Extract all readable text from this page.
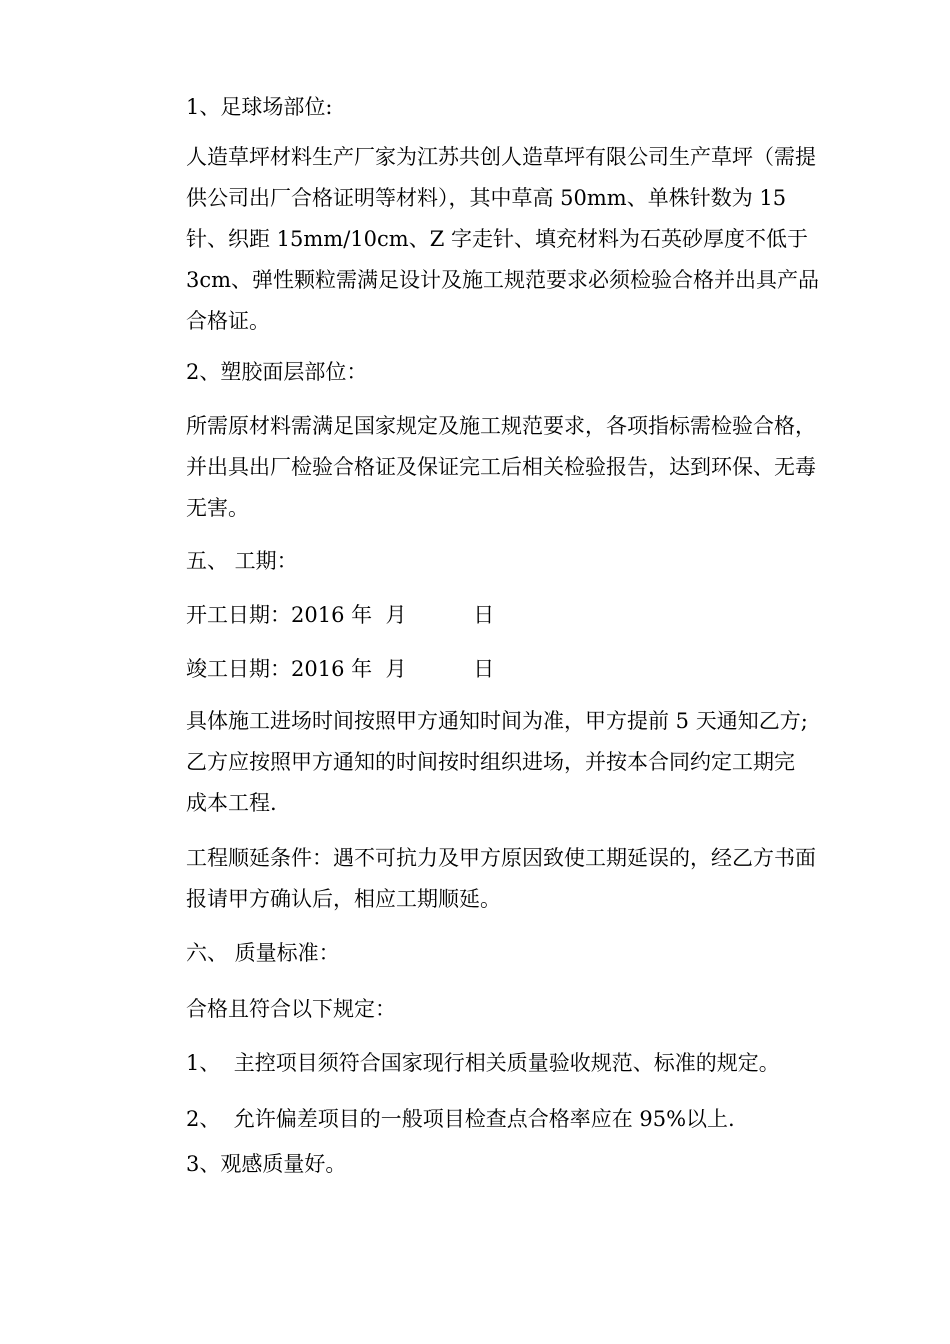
1、足球场部位:

人造草坪材料生产厂家为江苏共创人造草坪有限公司生产草坪（需提供公司出厂合格证明等材料），其中草高 50mm、单株针数为 15 针、织距 15mm/10cm、Z 字走针、填充材料为石英砂厚度不低于 3cm、弹性颗粒需满足设计及施工规范要求必须检验合格并出具产品合格证。

2、塑胶面层部位：

所需原材料需满足国家规定及施工规范要求，各项指标需检验合格，并出具出厂检验合格证及保证完工后相关检验报告，达到环保、无毒无害。

五、 工期：

开工日期：2016 年  月          日

竣工日期：2016 年  月          日

具体施工进场时间按照甲方通知时间为准，甲方提前 5 天通知乙方;乙方应按照甲方通知的时间按时组织进场，并按本合同约定工期完  成本工程.

工程顺延条件：遇不可抗力及甲方原因致使工期延误的，经乙方书面报请甲方确认后，相应工期顺延。

六、 质量标准：

合格且符合以下规定：

1、  主控项目须符合国家现行相关质量验收规范、标准的规定。

2、  允许偏差项目的一般项目检查点合格率应在 95%以上.

3、观感质量好。
